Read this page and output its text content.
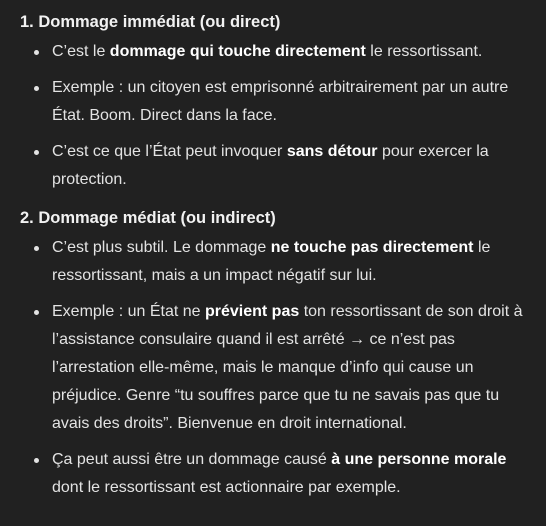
1. Dommage immédiat (ou direct)
C’est le dommage qui touche directement le ressortissant.
Exemple : un citoyen est emprisonné arbitrairement par un autre État. Boom. Direct dans la face.
C’est ce que l’État peut invoquer sans détour pour exercer la protection.
2. Dommage médiat (ou indirect)
C’est plus subtil. Le dommage ne touche pas directement le ressortissant, mais a un impact négatif sur lui.
Exemple : un État ne prévient pas ton ressortissant de son droit à l’assistance consulaire quand il est arrêté → ce n’est pas l’arrestation elle-même, mais le manque d’info qui cause un préjudice. Genre “tu souffres parce que tu ne savais pas que tu avais des droits”. Bienvenue en droit international.
Ça peut aussi être un dommage causé à une personne morale dont le ressortissant est actionnaire par exemple.
